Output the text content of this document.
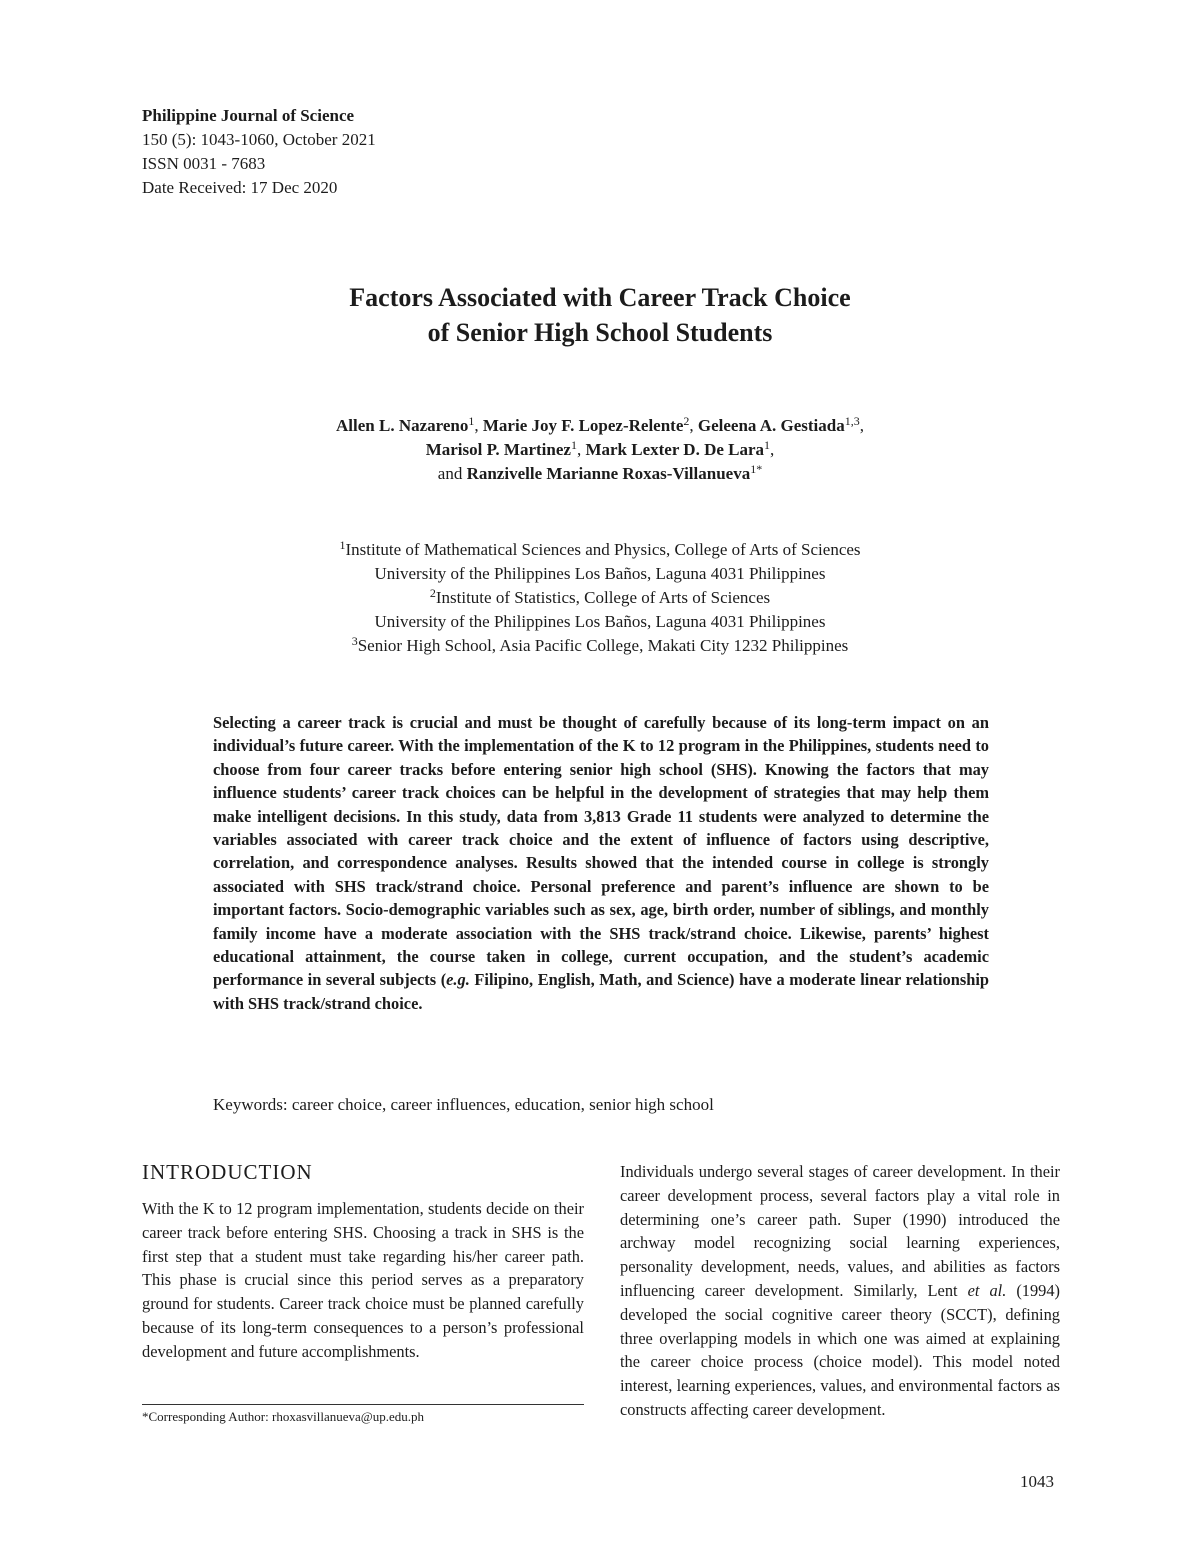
Philippine Journal of Science
150 (5): 1043-1060, October 2021
ISSN 0031 - 7683
Date Received: 17 Dec 2020
Factors Associated with Career Track Choice
of Senior High School Students
Allen L. Nazareno$^1$, Marie Joy F. Lopez-Relente$^2$, Geleena A. Gestiada$^{1,3}$,
Marisol P. Martinez$^1$, Mark Lexter D. De Lara$^1$,
and Ranzivelle Marianne Roxas-Villanueva$^{1*}$
$^1$Institute of Mathematical Sciences and Physics, College of Arts of Sciences
University of the Philippines Los Baños, Laguna 4031 Philippines
$^2$Institute of Statistics, College of Arts of Sciences
University of the Philippines Los Baños, Laguna 4031 Philippines
$^3$Senior High School, Asia Pacific College, Makati City 1232 Philippines
Selecting a career track is crucial and must be thought of carefully because of its long-term impact on an individual’s future career. With the implementation of the K to 12 program in the Philippines, students need to choose from four career tracks before entering senior high school (SHS). Knowing the factors that may influence students’ career track choices can be helpful in the development of strategies that may help them make intelligent decisions. In this study, data from 3,813 Grade 11 students were analyzed to determine the variables associated with career track choice and the extent of influence of factors using descriptive, correlation, and correspondence analyses. Results showed that the intended course in college is strongly associated with SHS track/strand choice. Personal preference and parent’s influence are shown to be important factors. Socio-demographic variables such as sex, age, birth order, number of siblings, and monthly family income have a moderate association with the SHS track/strand choice. Likewise, parents’ highest educational attainment, the course taken in college, current occupation, and the student’s academic performance in several subjects (e.g. Filipino, English, Math, and Science) have a moderate linear relationship with SHS track/strand choice.
Keywords: career choice, career influences, education, senior high school
INTRODUCTION
With the K to 12 program implementation, students decide on their career track before entering SHS. Choosing a track in SHS is the first step that a student must take regarding his/her career path. This phase is crucial since this period serves as a preparatory ground for students. Career track choice must be planned carefully because of its long-term consequences to a person’s professional development and future accomplishments.
Individuals undergo several stages of career development. In their career development process, several factors play a vital role in determining one’s career path. Super (1990) introduced the archway model recognizing social learning experiences, personality development, needs, values, and abilities as factors influencing career development. Similarly, Lent et al. (1994) developed the social cognitive career theory (SCCT), defining three overlapping models in which one was aimed at explaining the career choice process (choice model). This model noted interest, learning experiences, values, and environmental factors as constructs affecting career development.
*Corresponding Author: rhoxasvillanueva@up.edu.ph
1043
